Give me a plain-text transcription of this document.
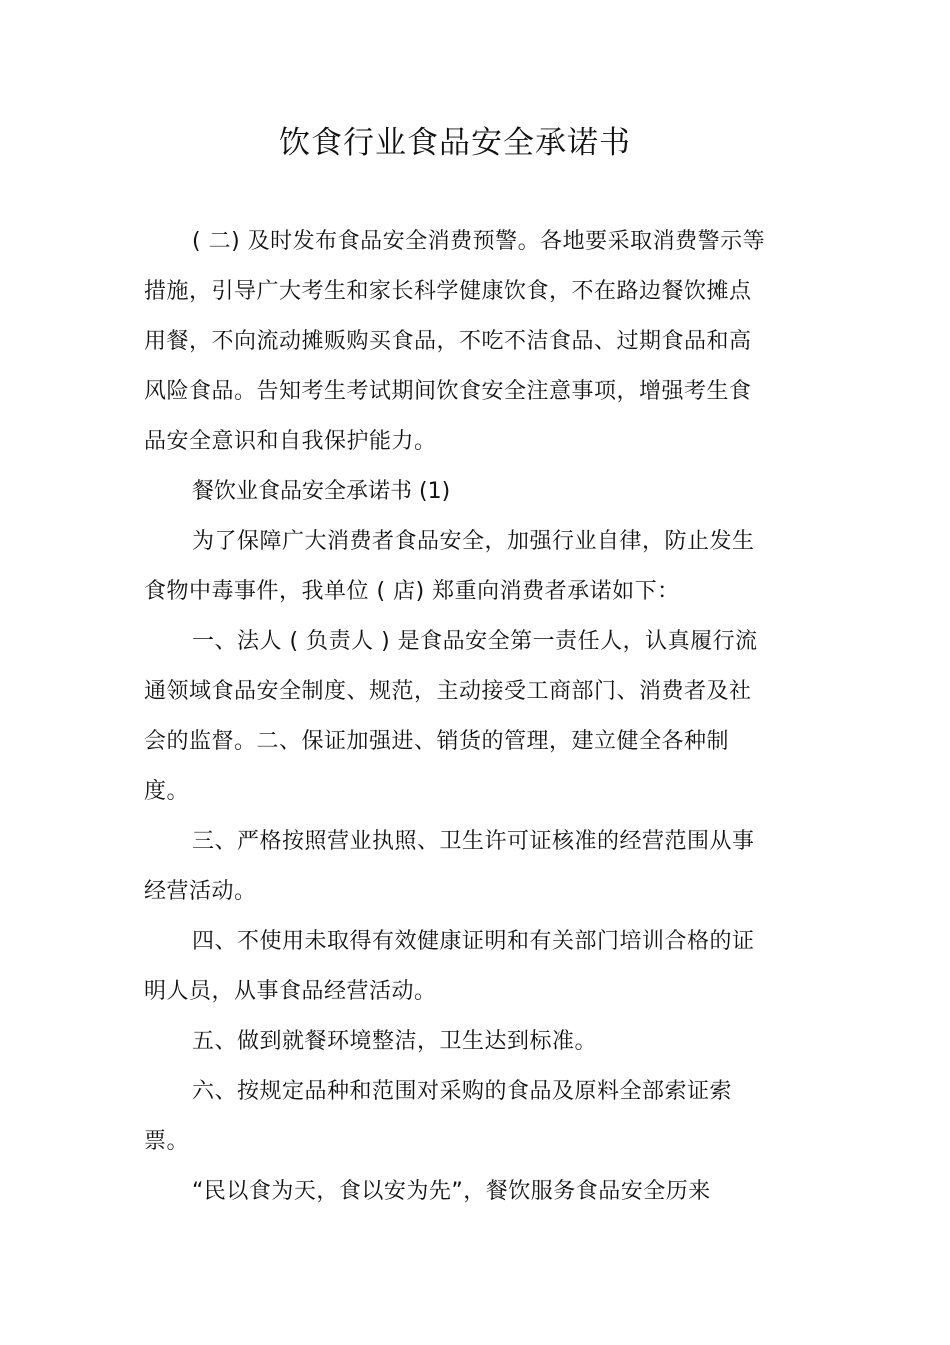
饮食行业食品安全承诺书

( 二) 及时发布食品安全消费预警。各地要采取消费警示等措施，引导广大考生和家长科学健康饮食，不在路边餐饮摊点用餐，不向流动摊贩购买食品，不吃不洁食品、过期食品和高风险食品。告知考生考试期间饮食安全注意事项，增强考生食品安全意识和自我保护能力。

餐饮业食品安全承诺书 (1)

为了保障广大消费者食品安全，加强行业自律，防止发生食物中毒事件，我单位 ( 店) 郑重向消费者承诺如下：

一、法人 ( 负责人 ) 是食品安全第一责任人，认真履行流通领域食品安全制度、规范，主动接受工商部门、消费者及社会的监督。二、保证加强进、销货的管理，建立健全各种制度。

三、严格按照营业执照、卫生许可证核准的经营范围从事经营活动。

四、不使用未取得有效健康证明和有关部门培训合格的证明人员，从事食品经营活动。

五、做到就餐环境整洁，卫生达到标准。

六、按规定品种和范围对采购的食品及原料全部索证索票。

“民以食为天，食以安为先”，餐饮服务食品安全历来
